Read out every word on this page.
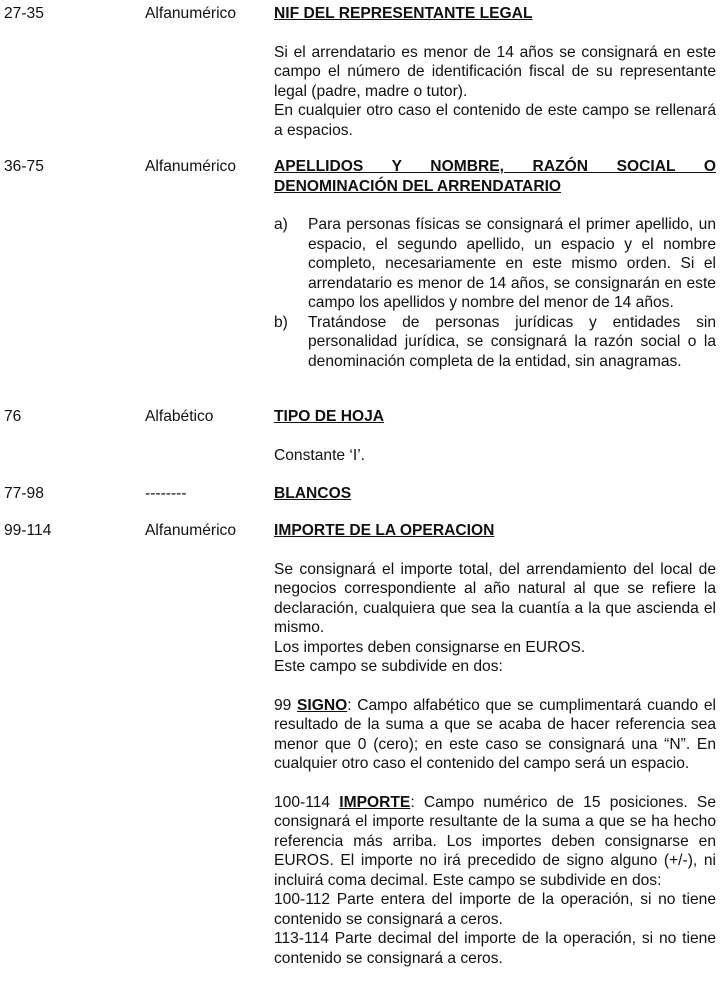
27-35	Alfanumérico NIF DEL REPRESENTANTE LEGAL

Si el arrendatario es menor de 14 años se consignará en este campo el número de identificación fiscal de su representante legal (padre, madre o tutor).

En cualquier otro caso el contenido de este campo se rellenará a espacios.

36-75	Alfanumérico APELLIDOS Y NOMBRE, RAZÓN SOCIAL O
DENOMINACIÓN DEL ARRENDATARIO
a) Para personas físicas se consignará el primer apellido, un espacio, el segundo apellido, un espacio y el nombre completo, necesariamente en este mismo orden. Si el arrendatario es menor de 14 años, se consignarán en este campo los apellidos y nombre del menor de 14 años.
b) Tratándose de personas jurídicas y entidades sin personalidad jurídica, se consignará la razón social o la denominación completa de la entidad, sin anagramas.
76	Alfabético	TIPO DE HOJA

Constante ‘I’.

77-98	--------	BLANCOS
99-114	Alfanumérico IMPORTE DE LA OPERACION

Se consignará el importe total, del arrendamiento del local de negocios correspondiente al año natural al que se refiere la declaración, cualquiera que sea la cuantía a la que ascienda el mismo.

Los importes deben consignarse en EUROS.

Este campo se subdivide en dos:

99 SIGNO: Campo alfabético que se cumplimentará cuando el resultado de la suma a que se acaba de hacer referencia sea menor que 0 (cero); en este caso se consignará una “N”. En cualquier otro caso el contenido del campo será un espacio.

100-114 IMPORTE: Campo numérico de 15 posiciones. Se consignará el importe resultante de la suma a que se ha hecho referencia más arriba. Los importes deben consignarse en EUROS. El importe no irá precedido de signo alguno (+/-), ni incluirá coma decimal. Este campo se subdivide en dos:

100-112 Parte entera del importe de la operación, si no tiene contenido se consignará a ceros.

113-114 Parte decimal del importe de la operación, si no tiene contenido se consignará a ceros.
